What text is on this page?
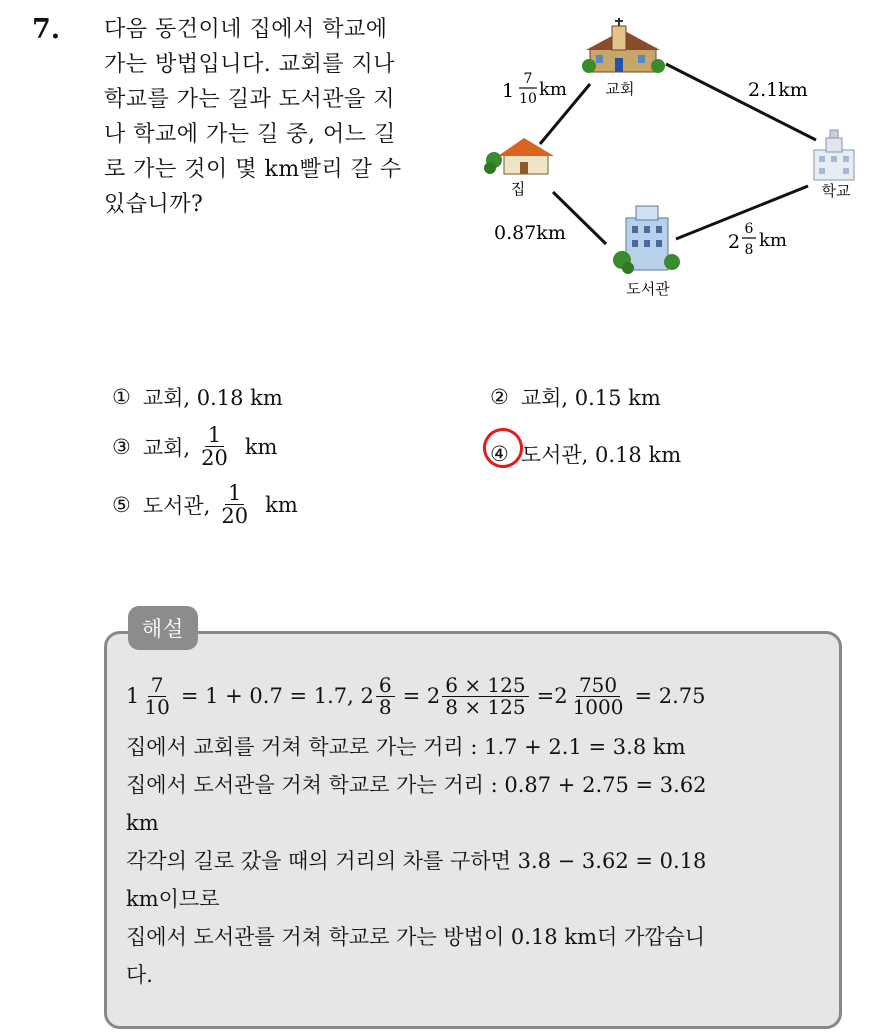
7. 다음 동건이네 집에서 학교에
가는 방법입니다. 교회를 지나
학교를 가는 길과 도서관을 지
나 학교에 가는 길 중, 어느 길
로 가는 것이 몇 km빨리 갈 수
있습니까?
교회
집	학교
도서관
1
7
10 km	2.1km
0.87km	2
6
8 km
① 교회, 0.18 km	② 교회, 0.15 km
③ 교회, $\frac{1}{20}$ km	④ 도서관, 0.18 km
⑤ 도서관, $\frac{1}{20}$ km
해설
$1 \frac{7}{10} = 1 + 0.7 = 1.7$, $2 \frac{6}{8} = 2 \frac{6 \times 125}{8 \times 125} =2 \frac{750}{1000} = 2.75$
집에서 교회를 거쳐 학교로 가는 거리 : 1.7 + 2.1 = 3.8 km
집에서 도서관을 거쳐 학교로 가는 거리 : 0.87 + 2.75 = 3.62
km
각각의 길로 갔을 때의 거리의 차를 구하면 3.8 − 3.62 = 0.18
km이므로
집에서 도서관를 거쳐 학교로 가는 방법이 0.18 km더 가깝습니
다.
